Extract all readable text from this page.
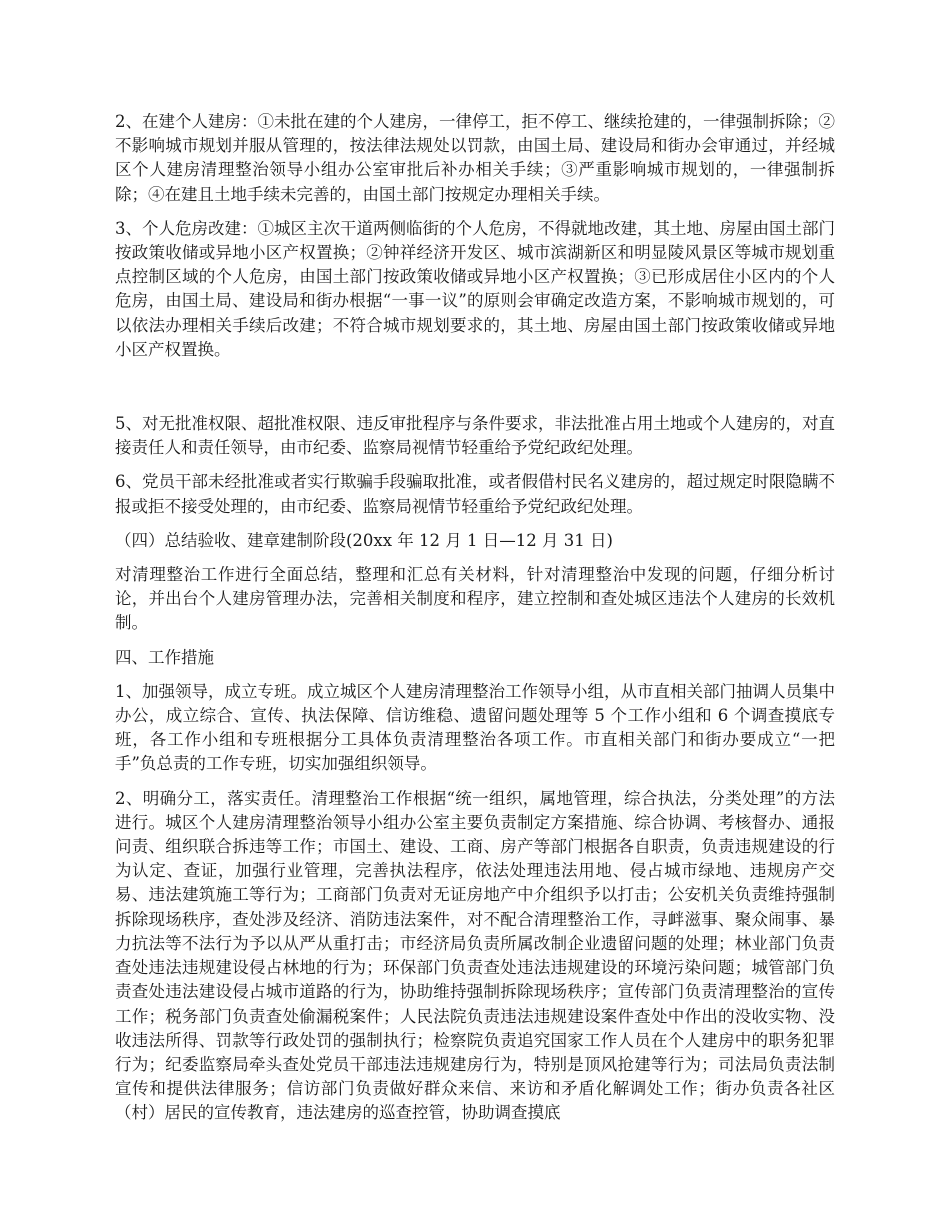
2、在建个人建房：①未批在建的个人建房，一律停工，拒不停工、继续抢建的，一律强制拆除；②不影响城市规划并服从管理的，按法律法规处以罚款，由国土局、建设局和街办会审通过，并经城区个人建房清理整治领导小组办公室审批后补办相关手续；③严重影响城市规划的，一律强制拆除；④在建且土地手续未完善的，由国土部门按规定办理相关手续。

3、个人危房改建：①城区主次干道两侧临街的个人危房，不得就地改建，其土地、房屋由国土部门按政策收储或异地小区产权置换；②钟祥经济开发区、城市滨湖新区和明显陵风景区等城市规划重点控制区域的个人危房，由国土部门按政策收储或异地小区产权置换；③已形成居住小区内的个人危房，由国土局、建设局和街办根据“一事一议”的原则会审确定改造方案，不影响城市规划的，可以依法办理相关手续后改建；不符合城市规划要求的，其土地、房屋由国土部门按政策收储或异地小区产权置换。

5、对无批准权限、超批准权限、违反审批程序与条件要求，非法批准占用土地或个人建房的，对直接责任人和责任领导，由市纪委、监察局视情节轻重给予党纪政纪处理。

6、党员干部未经批准或者实行欺骗手段骗取批准，或者假借村民名义建房的，超过规定时限隐瞒不报或拒不接受处理的，由市纪委、监察局视情节轻重给予党纪政纪处理。

（四）总结验收、建章建制阶段(20xx 年 12 月 1 日—12 月 31 日)

对清理整治工作进行全面总结，整理和汇总有关材料，针对清理整治中发现的问题，仔细分析讨论，并出台个人建房管理办法，完善相关制度和程序，建立控制和查处城区违法个人建房的长效机制。

四、工作措施

1、加强领导，成立专班。成立城区个人建房清理整治工作领导小组，从市直相关部门抽调人员集中办公，成立综合、宣传、执法保障、信访维稳、遗留问题处理等 5 个工作小组和 6 个调查摸底专班，各工作小组和专班根据分工具体负责清理整治各项工作。市直相关部门和街办要成立“一把手”负总责的工作专班，切实加强组织领导。

2、明确分工，落实责任。清理整治工作根据“统一组织，属地管理，综合执法，分类处理”的方法进行。城区个人建房清理整治领导小组办公室主要负责制定方案措施、综合协调、考核督办、通报问责、组织联合拆违等工作；市国土、建设、工商、房产等部门根据各自职责，负责违规建设的行为认定、查证，加强行业管理，完善执法程序，依法处理违法用地、侵占城市绿地、违规房产交易、违法建筑施工等行为；工商部门负责对无证房地产中介组织予以打击；公安机关负责维持强制拆除现场秩序，查处涉及经济、消防违法案件，对不配合清理整治工作，寻衅滋事、聚众闹事、暴力抗法等不法行为予以从严从重打击；市经济局负责所属改制企业遗留问题的处理；林业部门负责查处违法违规建设侵占林地的行为；环保部门负责查处违法违规建设的环境污染问题；城管部门负责查处违法建设侵占城市道路的行为，协助维持强制拆除现场秩序；宣传部门负责清理整治的宣传工作；税务部门负责查处偷漏税案件；人民法院负责违法违规建设案件查处中作出的没收实物、没收违法所得、罚款等行政处罚的强制执行；检察院负责追究国家工作人员在个人建房中的职务犯罪行为；纪委监察局牵头查处党员干部违法违规建房行为，特别是顶风抢建等行为；司法局负责法制宣传和提供法律服务；信访部门负责做好群众来信、来访和矛盾化解调处工作；街办负责各社区（村）居民的宣传教育，违法建房的巡查控管，协助调查摸底
